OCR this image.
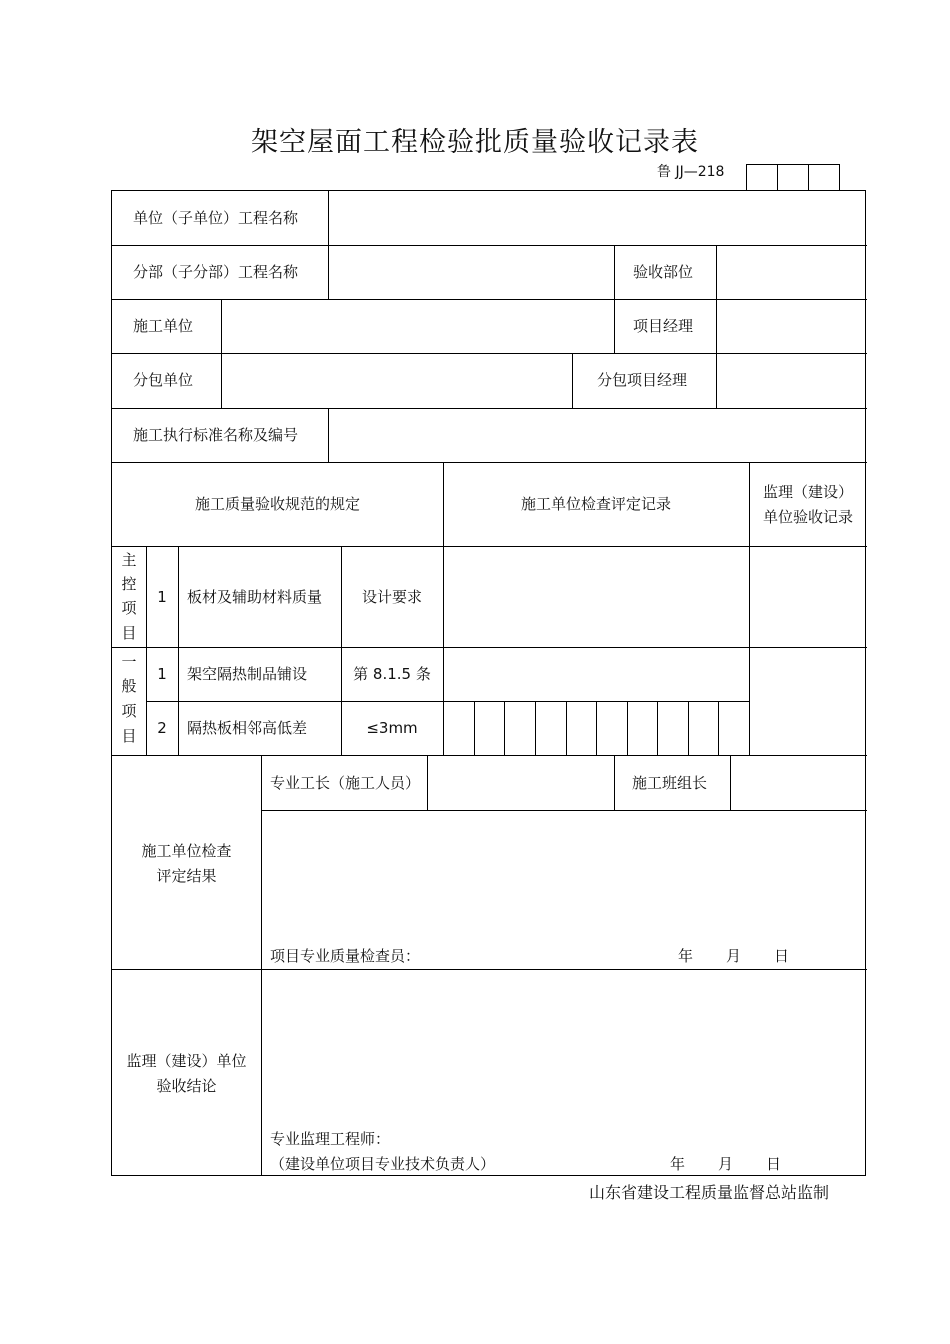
架空屋面工程检验批质量验收记录表
鲁 JJ—218
单位（子单位）工程名称
分部（子分部）工程名称	验收部位
施工单位	项目经理
分包单位	分包项目经理
施工执行标准名称及编号
施工质量验收规范的规定	施工单位检查评定记录
监理（建设）
单位验收记录
主
控
项
目
1	板材及辅助材料质量	设计要求
一
般
项
目
1	架空隔热制品铺设	第 8.1.5 条
2	隔热板相邻高低差	≤3mm
施工单位检查
评定结果
专业工长（施工人员）	施工班组长
项目专业质量检查员：	年 月 日
监理（建设）单位
验收结论
专业监理工程师：
（建设单位项目专业技术负责人）	年 月 日
山东省建设工程质量监督总站监制
